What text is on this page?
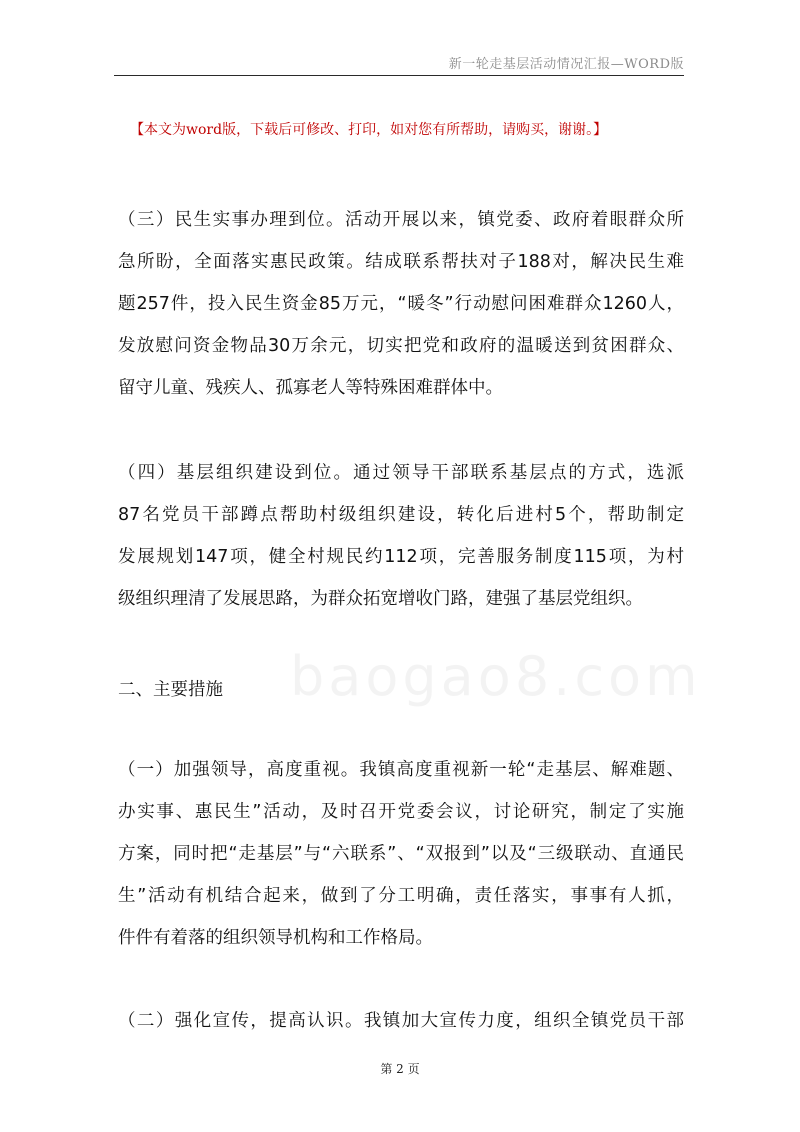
新一轮走基层活动情况汇报—WORD版
【本文为word版，下载后可修改、打印，如对您有所帮助，请购买，谢谢。】
（三）民生实事办理到位。活动开展以来，镇党委、政府着眼群众所
急所盼，全面落实惠民政策。结成联系帮扶对子188对，解决民生难
题257件，投入民生资金85万元，“暖冬”行动慰问困难群众1260人，
发放慰问资金物品30万余元，切实把党和政府的温暖送到贫困群众、
留守儿童、残疾人、孤寡老人等特殊困难群体中。
（四）基层组织建设到位。通过领导干部联系基层点的方式，选派
87名党员干部蹲点帮助村级组织建设，转化后进村5个，帮助制定
发展规划147项，健全村规民约112项，完善服务制度115项，为村
级组织理清了发展思路，为群众拓宽增收门路，建强了基层党组织。
二、主要措施
（一）加强领导，高度重视。我镇高度重视新一轮“走基层、解难题、
办实事、惠民生”活动，及时召开党委会议，讨论研究，制定了实施
方案，同时把“走基层”与“六联系”、“双报到”以及“三级联动、直通民
生”活动有机结合起来，做到了分工明确，责任落实，事事有人抓，
件件有着落的组织领导机构和工作格局。
（二）强化宣传，提高认识。我镇加大宣传力度，组织全镇党员干部
第 2 页
